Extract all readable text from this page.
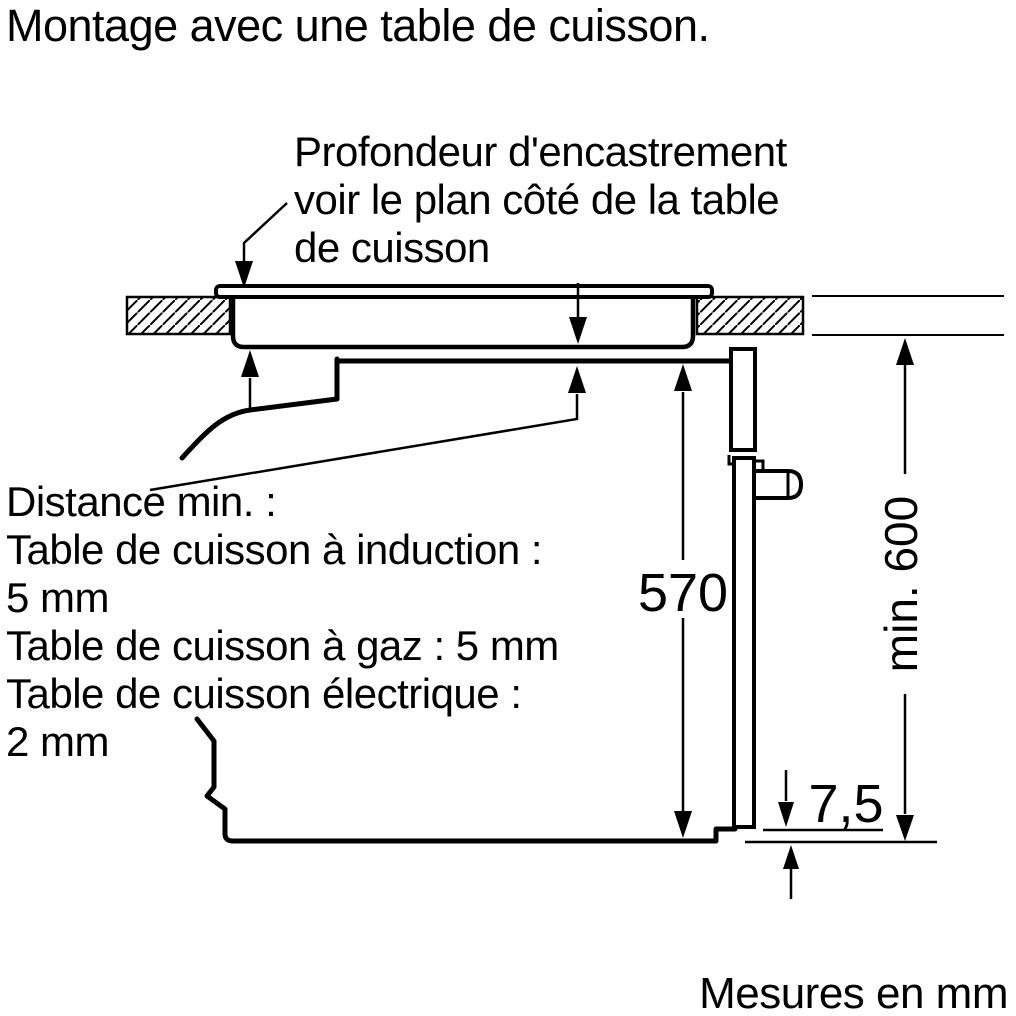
Montage avec une table de cuisson.
Profondeur d'encastrement
voir le plan côté de la table
de cuisson
Distance min. :
Table de cuisson à induction :
5 mm
Table de cuisson à gaz : 5 mm
Table de cuisson électrique :
2 mm
570	min. 600
7,5
Mesures en mm
